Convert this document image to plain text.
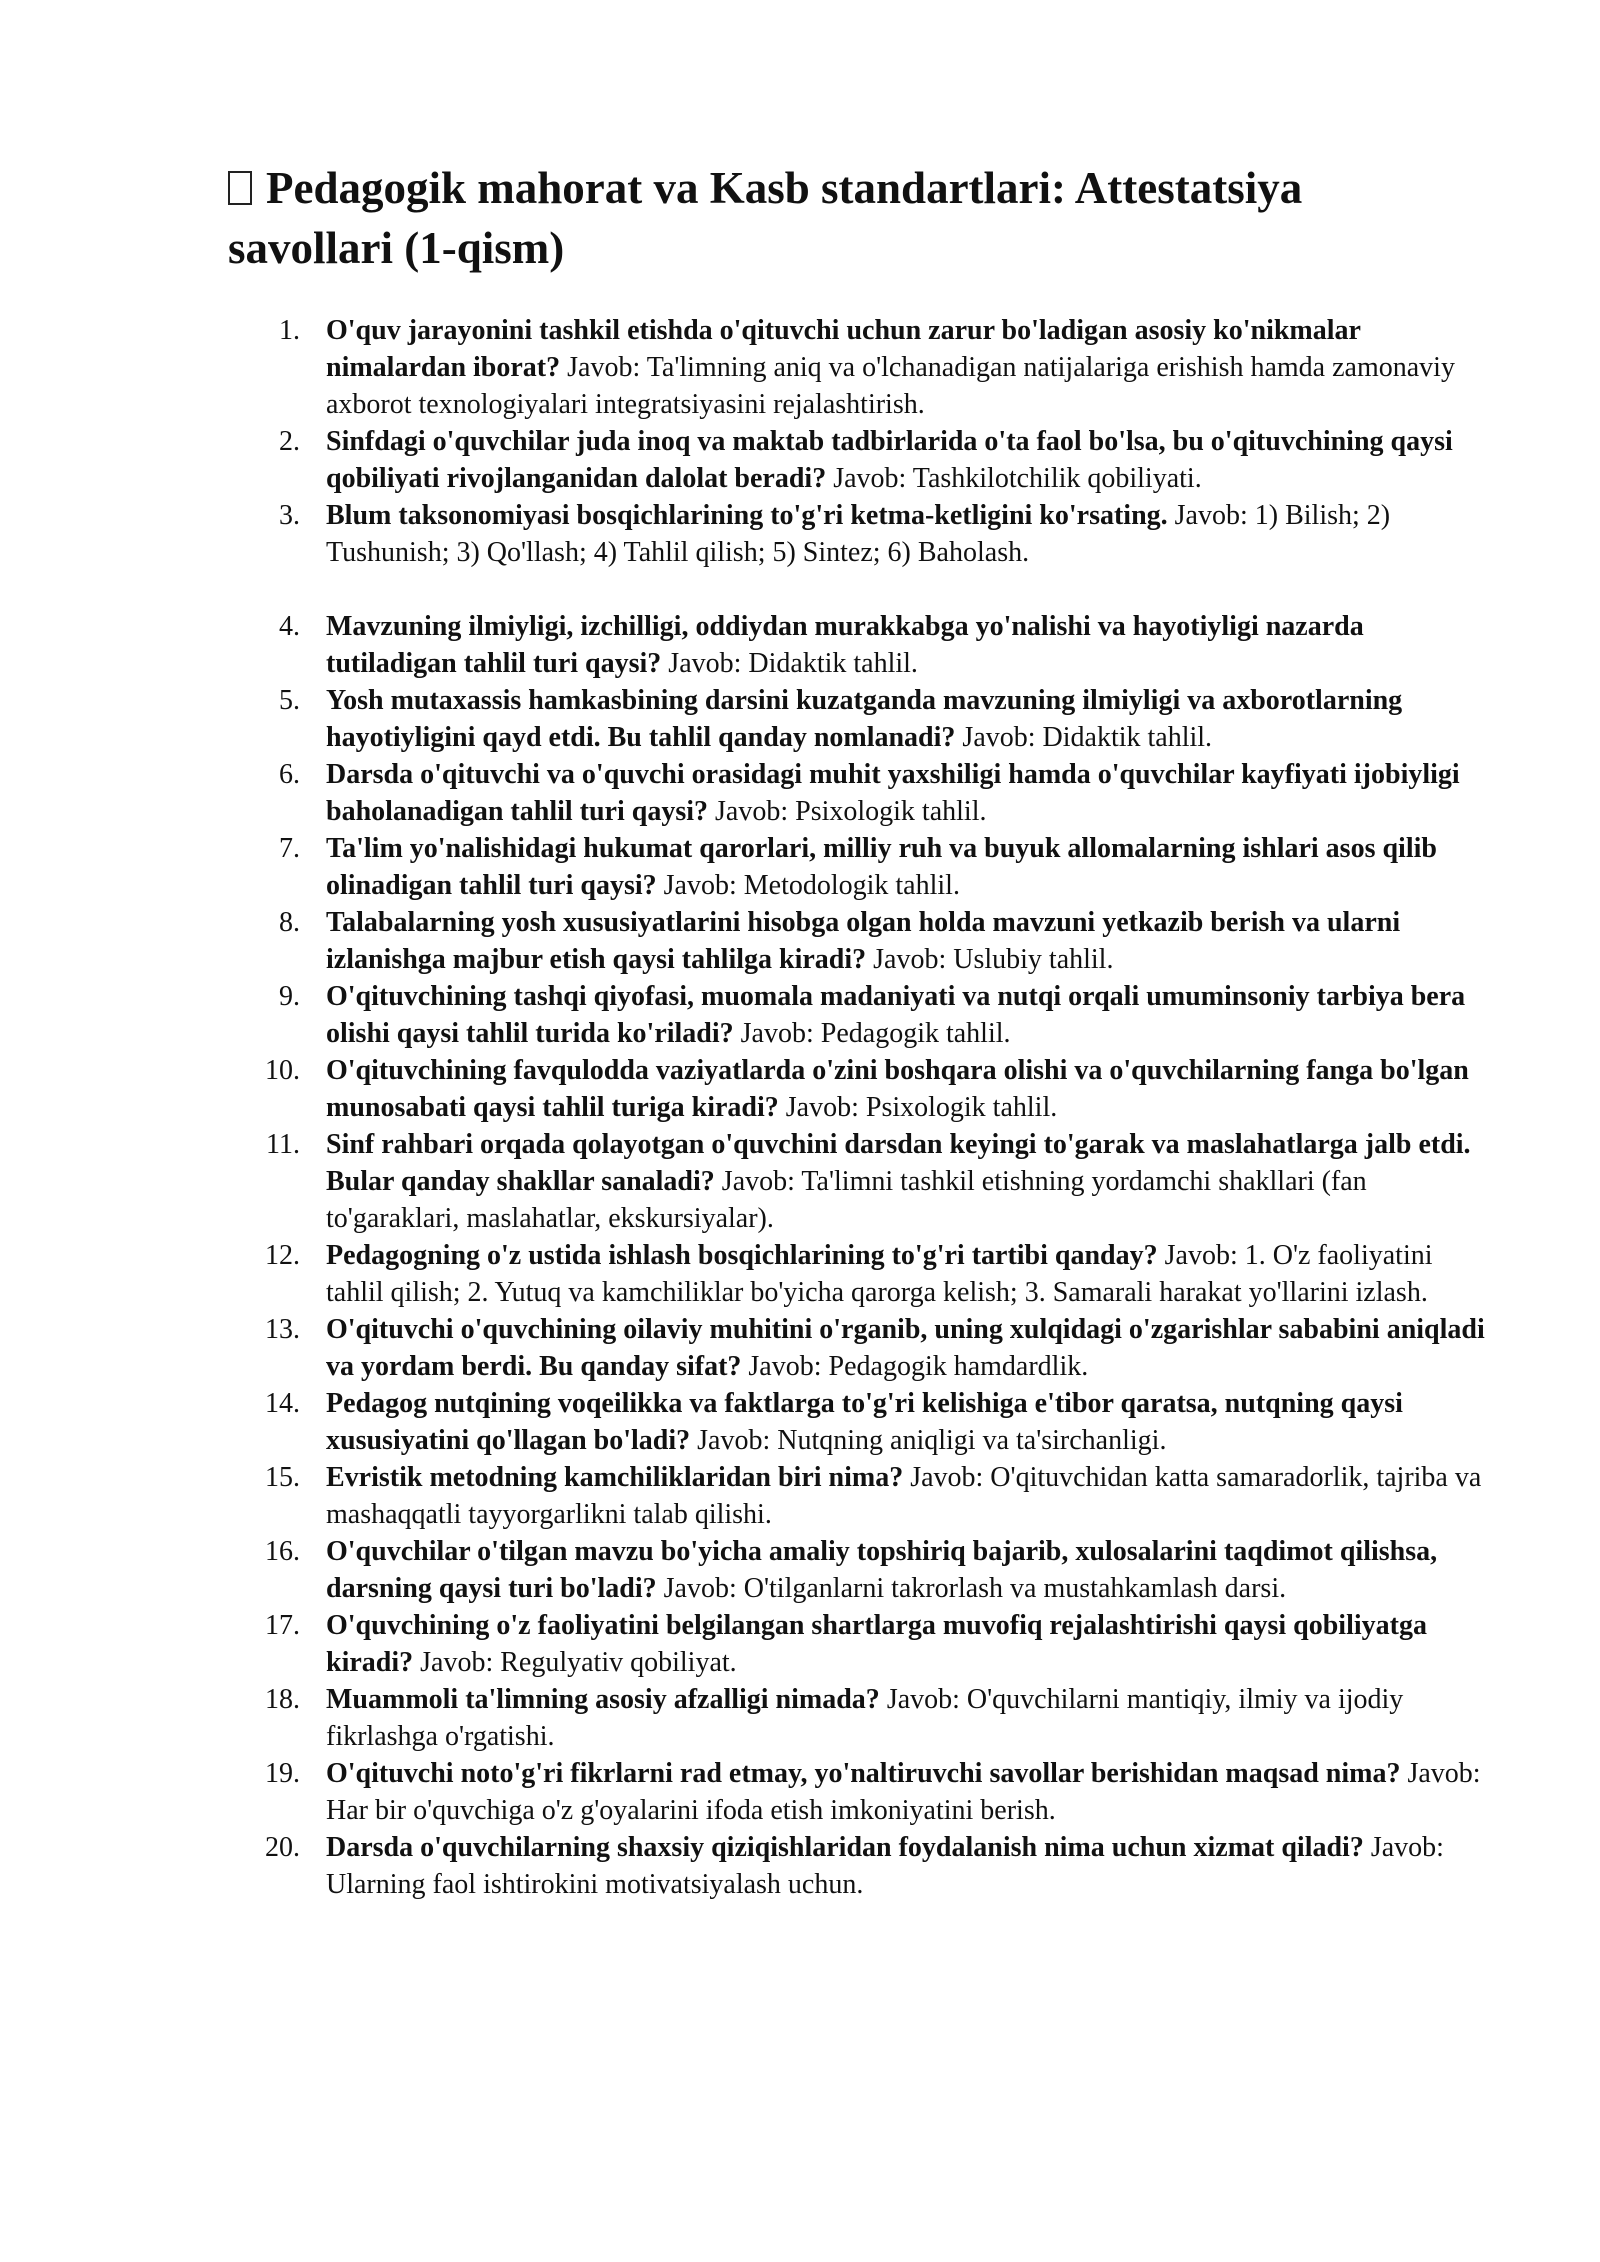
Pedagogik mahorat va Kasb standartlari: Attestatsiya savollari (1-qism)
1. O'quv jarayonini tashkil etishda o'qituvchi uchun zarur bo'ladigan asosiy ko'nikmalar nimalardan iborat? Javob: Ta'limning aniq va o'lchanadigan natijalariga erishish hamda zamonaviy axborot texnologiyalari integratsiyasini rejalashtirish.
2. Sinfdagi o'quvchilar juda inoq va maktab tadbirlarida o'ta faol bo'lsa, bu o'qituvchining qaysi qobiliyati rivojlanganidan dalolat beradi? Javob: Tashkilotchilik qobiliyati.
3. Blum taksonomiyasi bosqichlarining to'g'ri ketma-ketligini ko'rsating. Javob: 1) Bilish; 2) Tushunish; 3) Qo'llash; 4) Tahlil qilish; 5) Sintez; 6) Baholash.
4. Mavzuning ilmiyligi, izchilligi, oddiydan murakkabga yo'nalishi va hayotiyligi nazarda tutiladigan tahlil turi qaysi? Javob: Didaktik tahlil.
5. Yosh mutaxassis hamkasbining darsini kuzatganda mavzuning ilmiyligi va axborotlarning hayotiyligini qayd etdi. Bu tahlil qanday nomlanadi? Javob: Didaktik tahlil.
6. Darsda o'qituvchi va o'quvchi orasidagi muhit yaxshiligi hamda o'quvchilar kayfiyati ijobiyligi baholanadigan tahlil turi qaysi? Javob: Psixologik tahlil.
7. Ta'lim yo'nalishidagi hukumat qarorlari, milliy ruh va buyuk allomalarning ishlari asos qilib olinadigan tahlil turi qaysi? Javob: Metodologik tahlil.
8. Talabalarning yosh xususiyatlarini hisobga olgan holda mavzuni yetkazib berish va ularni izlanishga majbur etish qaysi tahlilga kiradi? Javob: Uslubiy tahlil.
9. O'qituvchining tashqi qiyofasi, muomala madaniyati va nutqi orqali umuminsoniy tarbiya bera olishi qaysi tahlil turida ko'riladi? Javob: Pedagogik tahlil.
10. O'qituvchining favqulodda vaziyatlarda o'zini boshqara olishi va o'quvchilarning fanga bo'lgan munosabati qaysi tahlil turiga kiradi? Javob: Psixologik tahlil.
11. Sinf rahbari orqada qolayotgan o'quvchini darsdan keyingi to'garak va maslahatlarga jalb etdi. Bular qanday shakllar sanaladi? Javob: Ta'limni tashkil etishning yordamchi shakllari (fan to'garaklari, maslahatlar, ekskursiyalar).
12. Pedagogning o'z ustida ishlash bosqichlarining to'g'ri tartibi qanday? Javob: 1. O'z faoliyatini tahlil qilish; 2. Yutuq va kamchiliklar bo'yicha qarorga kelish; 3. Samarali harakat yo'llarini izlash.
13. O'qituvchi o'quvchining oilaviy muhitini o'rganib, uning xulqidagi o'zgarishlar sababini aniqladi va yordam berdi. Bu qanday sifat? Javob: Pedagogik hamdardlik.
14. Pedagog nutqining voqeilikka va faktlarga to'g'ri kelishiga e'tibor qaratsa, nutqning qaysi xususiyatini qo'llagan bo'ladi? Javob: Nutqning aniqligi va ta'sirchanligi.
15. Evristik metodning kamchiliklaridan biri nima? Javob: O'qituvchidan katta samaradorlik, tajriba va mashaqqatli tayyorgarlikni talab qilishi.
16. O'quvchilar o'tilgan mavzu bo'yicha amaliy topshiriq bajarib, xulosalarini taqdimot qilishsa, darsning qaysi turi bo'ladi? Javob: O'tilganlarni takrorlash va mustahkamlash darsi.
17. O'quvchining o'z faoliyatini belgilangan shartlarga muvofiq rejalashtirishi qaysi qobiliyatga kiradi? Javob: Regulyativ qobiliyat.
18. Muammoli ta'limning asosiy afzalligi nimada? Javob: O'quvchilarni mantiqiy, ilmiy va ijodiy fikrlashga o'rgatishi.
19. O'qituvchi noto'g'ri fikrlarni rad etmay, yo'naltiruvchi savollar berishidan maqsad nima? Javob: Har bir o'quvchiga o'z g'oyalarini ifoda etish imkoniyatini berish.
20. Darsda o'quvchilarning shaxsiy qiziqishlaridan foydalanish nima uchun xizmat qiladi? Javob: Ularning faol ishtirokini motivatsiyalash uchun.
